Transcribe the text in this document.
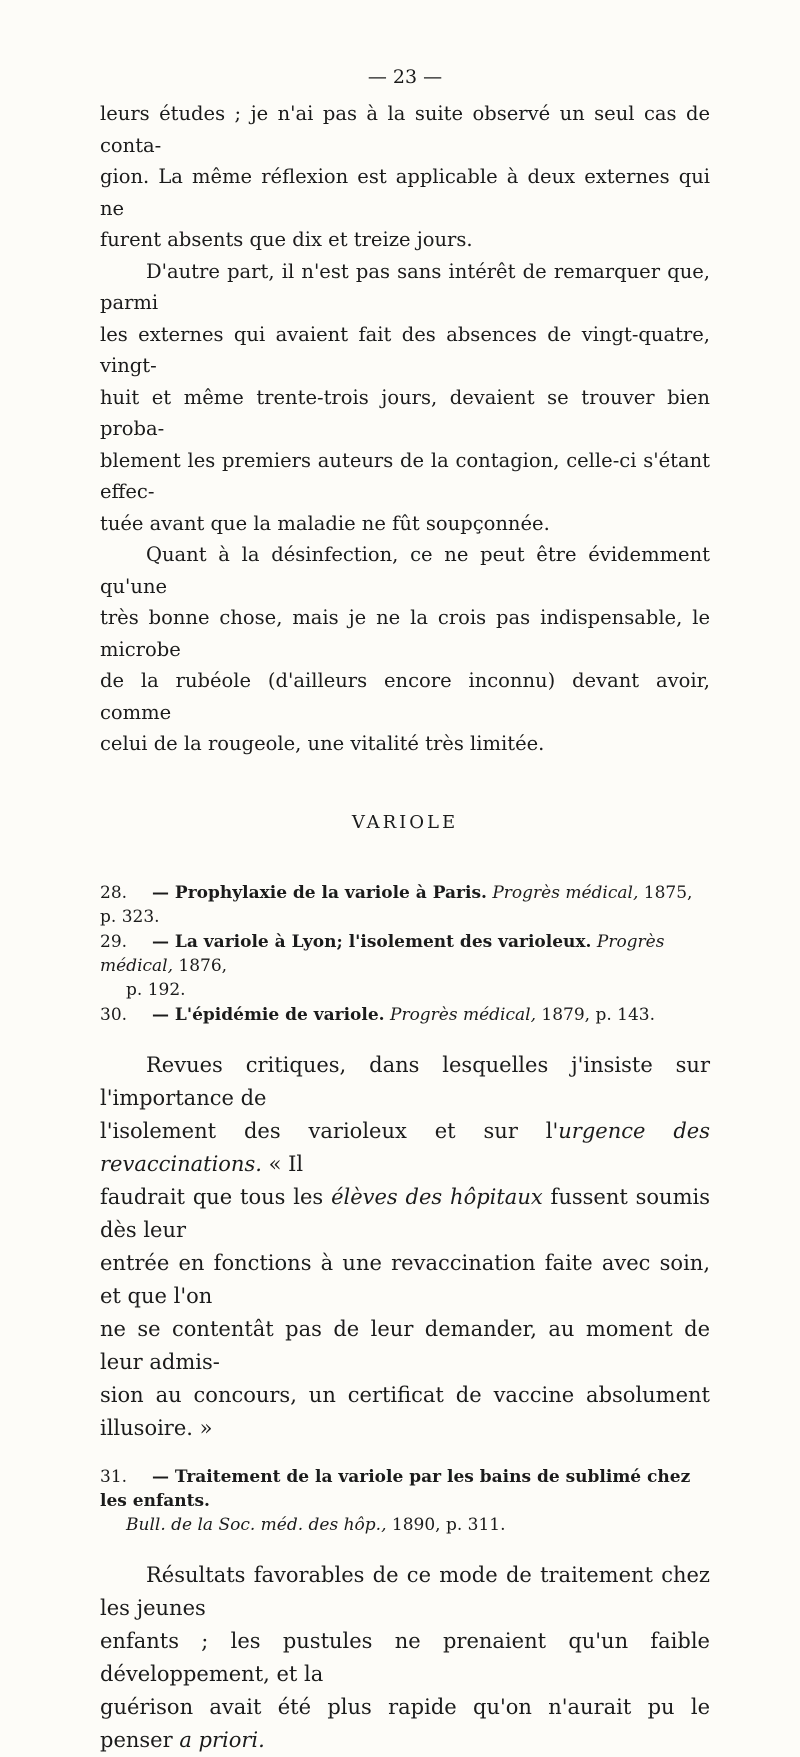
— 23 —

leurs études ; je n'ai pas à la suite observé un seul cas de conta-
gion. La même réflexion est applicable à deux externes qui ne
furent absents que dix et treize jours.

D'autre part, il n'est pas sans intérêt de remarquer que, parmi
les externes qui avaient fait des absences de vingt-quatre, vingt-
huit et même trente-trois jours, devaient se trouver bien proba-
blement les premiers auteurs de la contagion, celle-ci s'étant effec-
tuée avant que la maladie ne fût soupçonnée.

Quant à la désinfection, ce ne peut être évidemment qu'une
très bonne chose, mais je ne la crois pas indispensable, le microbe
de la rubéole (d'ailleurs encore inconnu) devant avoir, comme
celui de la rougeole, une vitalité très limitée.

VARIOLE
28. — Prophylaxie de la variole à Paris. Progrès médical, 1875, p. 323.
29. — La variole à Lyon; l'isolement des varioleux. Progrès médical, 1876,
p. 192.
30. — L'épidémie de variole. Progrès médical, 1879, p. 143.

Revues critiques, dans lesquelles j'insiste sur l'importance de
l'isolement des varioleux et sur l'urgence des revaccinations. « Il
faudrait que tous les élèves des hôpitaux fussent soumis dès leur
entrée en fonctions à une revaccination faite avec soin, et que l'on
ne se contentât pas de leur demander, au moment de leur admis-
sion au concours, un certificat de vaccine absolument illusoire. »

31. — Traitement de la variole par les bains de sublimé chez les enfants.
Bull. de la Soc. méd. des hôp., 1890, p. 311.

Résultats favorables de ce mode de traitement chez les jeunes
enfants ; les pustules ne prenaient qu'un faible développement, et la
guérison avait été plus rapide qu'on n'aurait pu le penser a priori.
